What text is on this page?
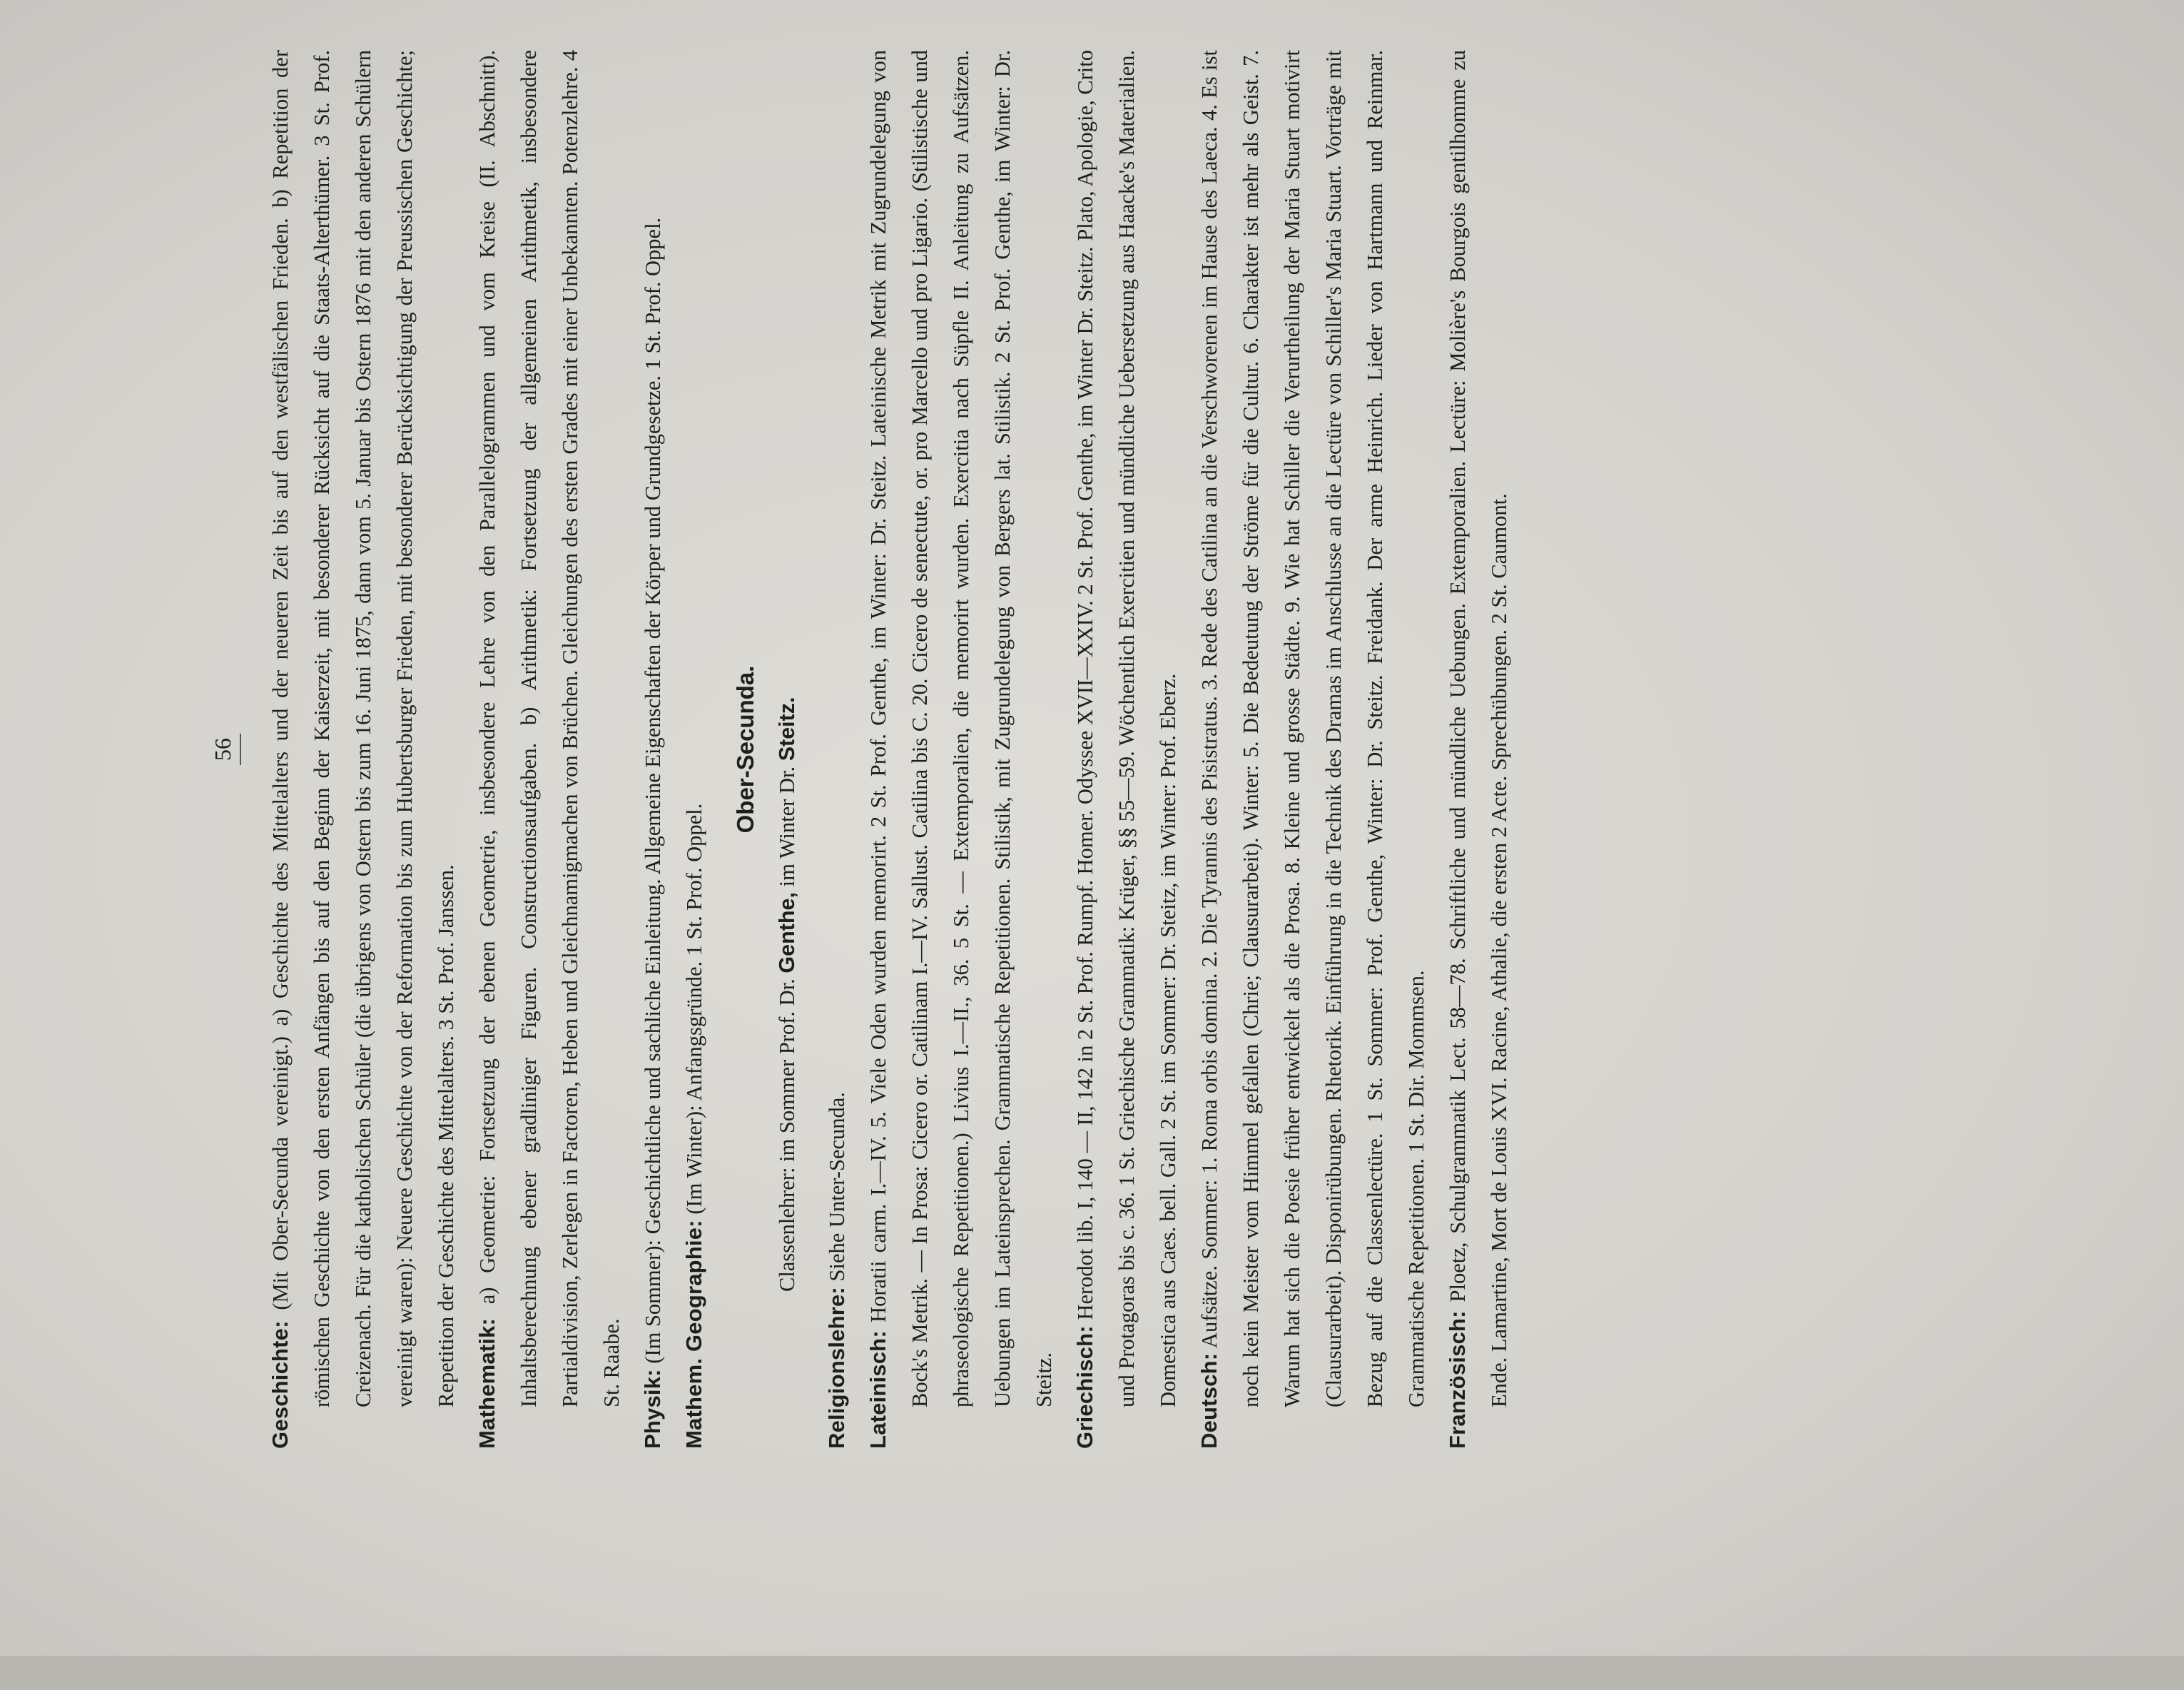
56

Geschichte: (Mit Ober-Secunda vereinigt.) a) Geschichte des Mittelalters und der neueren Zeit bis auf den westfälischen Frieden. b) Repetition der römischen Geschichte von den ersten Anfängen bis auf den Beginn der Kaiserzeit, mit besonderer Rücksicht auf die Staats-Alterthümer. 3 St. Prof. Creizenach. Für die katholischen Schüler (die übrigens von Ostern bis zum 16. Juni 1875, dann vom 5. Januar bis Ostern 1876 mit den anderen Schülern vereinigt waren): Neuere Geschichte von der Reformation bis zum Hubertsburger Frieden, mit besonderer Berücksichtigung der Preussischen Geschichte; Repetition der Geschichte des Mittelalters. 3 St. Prof. Janssen. Mathematik: a) Geometrie: Fortsetzung der ebenen Geometrie, insbesondere Lehre von den Parallelogrammen und vom Kreise (II. Abschnitt). Inhaltsberechnung ebener gradliniger Figuren. Constructionsaufgaben. b) Arithmetik: Fortsetzung der allgemeinen Arithmetik, insbesondere Partialdivision, Zerlegen in Factoren, Heben und Gleichnamigmachen von Brüchen. Gleichungen des ersten Grades mit einer Unbekannten. Potenzlehre. 4 St. Raabe.

Physik: (Im Sommer): Geschichtliche und sachliche Einleitung. Allgemeine Eigenschaften der Körper und Grundgesetze. 1 St. Prof. Oppel. Mathem. Geographie: (Im Winter): Anfangsgründe. 1 St. Prof. Oppel.

Ober-Secunda.

Classenlehrer: im Sommer Prof. Dr. Genthe, im Winter Dr. Steitz.

Religionslehre: Siehe Unter-Secunda.

Lateinisch: Horatii carm. I.—IV. 5. Viele Oden wurden memorirt. 2 St. Prof. Genthe, im Winter: Dr. Steitz. Lateinische Metrik mit Zugrundelegung von Bock's Metrik. — In Prosa: Cicero or. Catilinam I.—IV. Sallust. Catilina bis C. 20. Cicero de senectute, or. pro Marcello und pro Ligario. (Stilistische und phraseologische Repetitionen.) Livius I.—II., 36. 5 St. — Extemporalien, die memorirt wurden. Exercitia nach Süpfle II. Anleitung zu Aufsätzen. Uebungen im Lateinsprechen. Grammatische Repetitionen. Stilistik, mit Zugrundelegung von Bergers lat. Stilistik. 2 St. Prof. Genthe, im Winter: Dr. Steitz. Griechisch: Herodot lib. I, 140 — II, 142 in 2 St. Prof. Rumpf. Homer. Odyssee XVII—XXIV. 2 St. Prof. Genthe, im Winter Dr. Steitz. Plato, Apologie, Crito und Protagoras bis c. 36. 1 St. Griechische Grammatik: Krüger, §§ 55—59. Wöchentlich Exercitien und mündliche Uebersetzung aus Haacke's Materialien. Domestica aus Caes. bell. Gall. 2 St. im Sommer: Dr. Steitz, im Winter: Prof. Eberz. Deutsch: Aufsätze. Sommer: 1. Roma orbis domina. 2. Die Tyrannis des Pisistratus. 3. Rede des Catilina an die Verschworenen im Hause des Laeca. 4. Es ist noch kein Meister vom Himmel gefallen (Chrie; Clausurarbeit). Winter: 5. Die Bedeutung der Ströme für die Cultur. 6. Charakter ist mehr als Geist. 7. Warum hat sich die Poesie früher entwickelt als die Prosa. 8. Kleine und grosse Städte. 9. Wie hat Schiller die Verurtheilung der Maria Stuart motivirt (Clausurarbeit). Disponirübungen. Rhetorik. Einführung in die Technik des Dramas im Anschlusse an die Lectüre von Schiller's Maria Stuart. Vorträge mit Bezug auf die Classenlectüre. 1 St. Sommer: Prof. Genthe, Winter: Dr. Steitz. Freidank. Der arme Heinrich. Lieder von Hartmann und Reinmar. Grammatische Repetitionen. 1 St. Dir. Mommsen. Französisch: Ploetz, Schulgrammatik Lect. 58—78. Schriftliche und mündliche Uebungen. Extemporalien. Lectüre: Molière's Bourgois gentilhomme zu Ende. Lamartine, Mort de Louis XVI. Racine, Athalie, die ersten 2 Acte. Sprechübungen. 2 St. Caumont.
